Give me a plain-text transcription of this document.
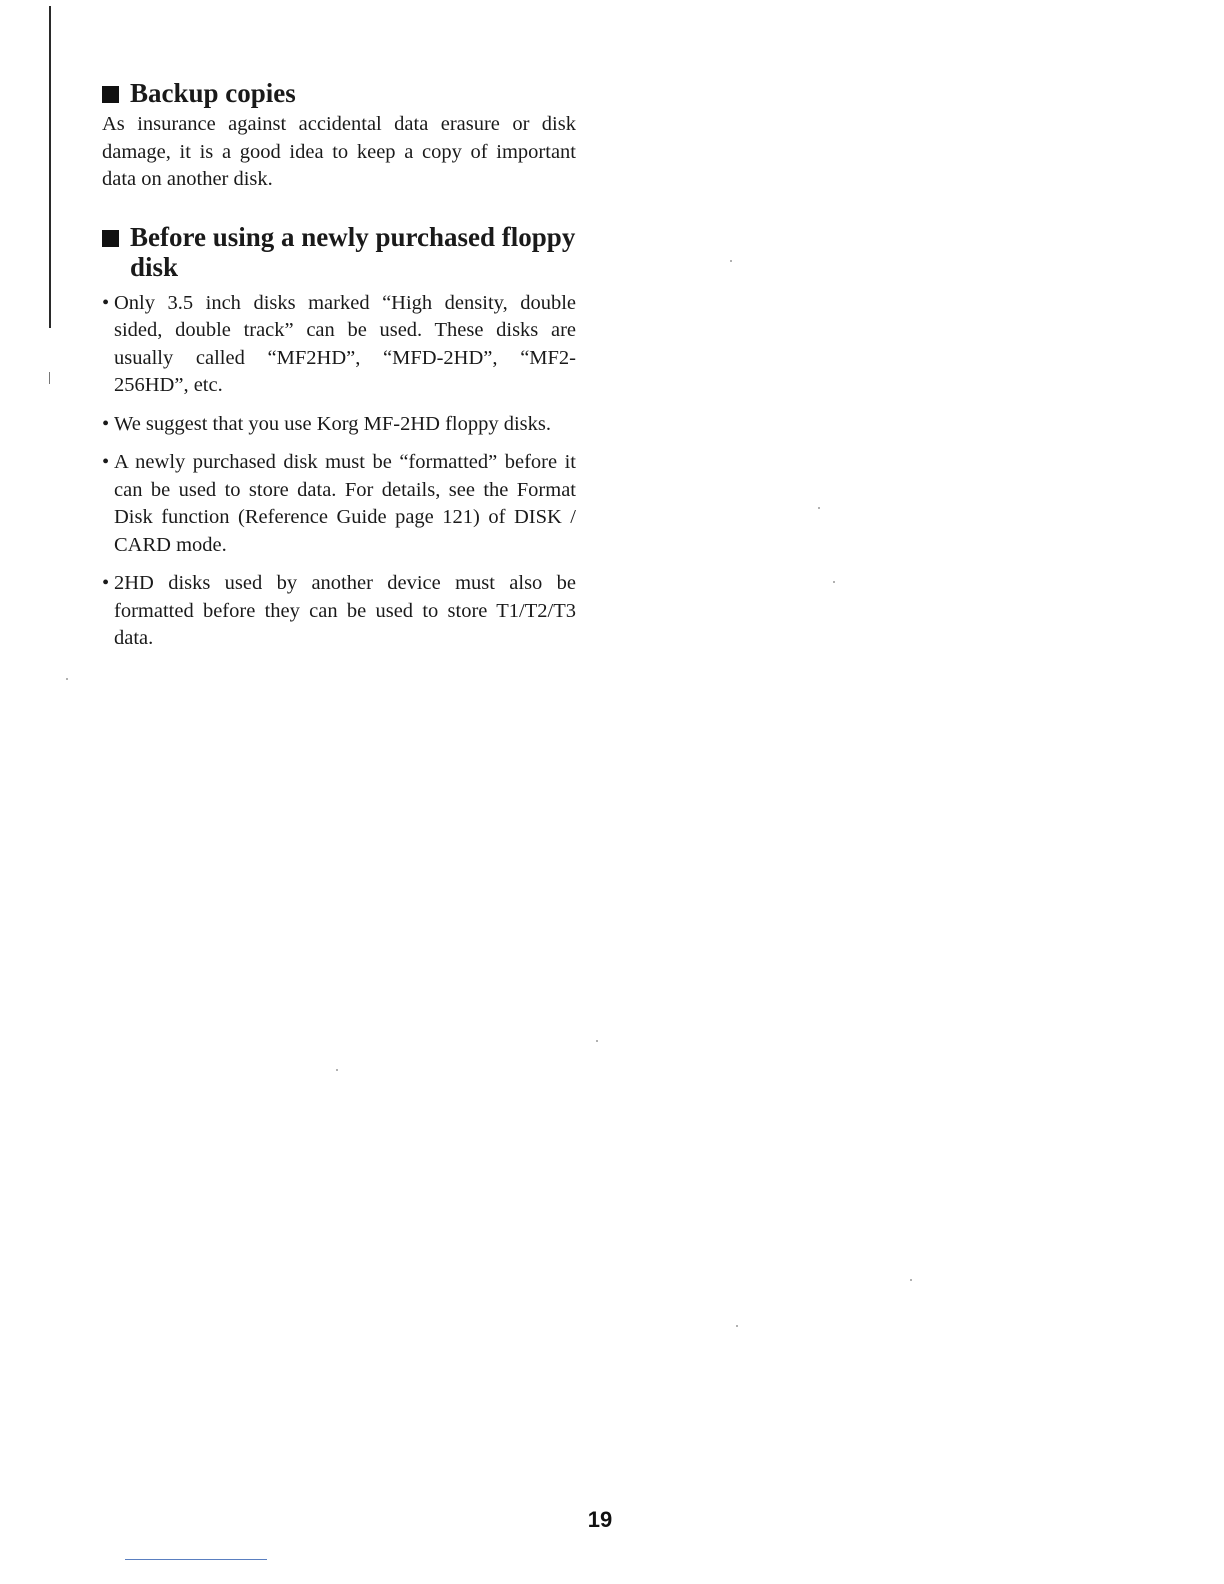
Backup copies

As insurance against accidental data erasure or disk damage, it is a good idea to keep a copy of important data on another disk.

Before using a newly purchased floppy disk
• Only 3.5 inch disks marked “High density, double sided, double track” can be used. These disks are usually called “MF2HD”, “MFD-2HD”, “MF2-256HD”, etc.
• We suggest that you use Korg MF-2HD floppy disks.
• A newly purchased disk must be “formatted” before it can be used to store data. For details, see the Format Disk function (Reference Guide page 121) of DISK / CARD mode.
• 2HD disks used by another device must also be formatted before they can be used to store T1/T2/T3 data.
19
